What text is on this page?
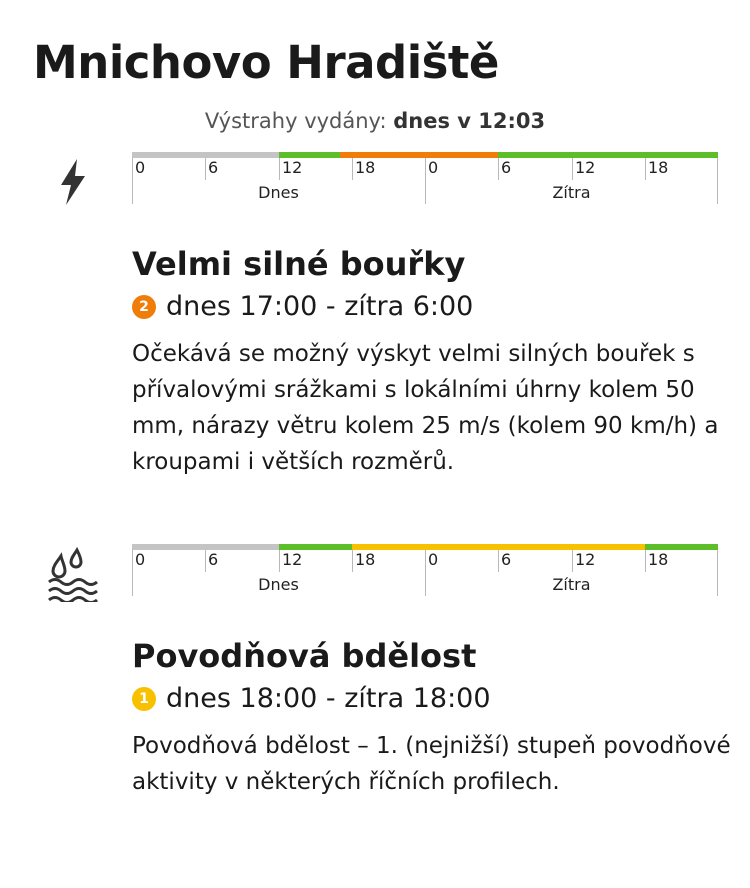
Mnichovo Hradiště
Výstrahy vydány: dnes v 12:03
0	6	12	18	0	6	12	18
Dnes	Zítra
Velmi silné bouřky
2 dnes 17:00 - zítra 6:00
Očekává se možný výskyt velmi silných bouřek s přívalovými srážkami s lokálními úhrny kolem 50 mm, nárazy větru kolem 25 m/s (kolem 90 km/h) a kroupami i větších rozměrů.
0	6	12	18	0	6	12	18
Dnes	Zítra
Povodňová bdělost
1 dnes 18:00 - zítra 18:00
Povodňová bdělost – 1. (nejnižší) stupeň povodňové aktivity v některých říčních profilech.
